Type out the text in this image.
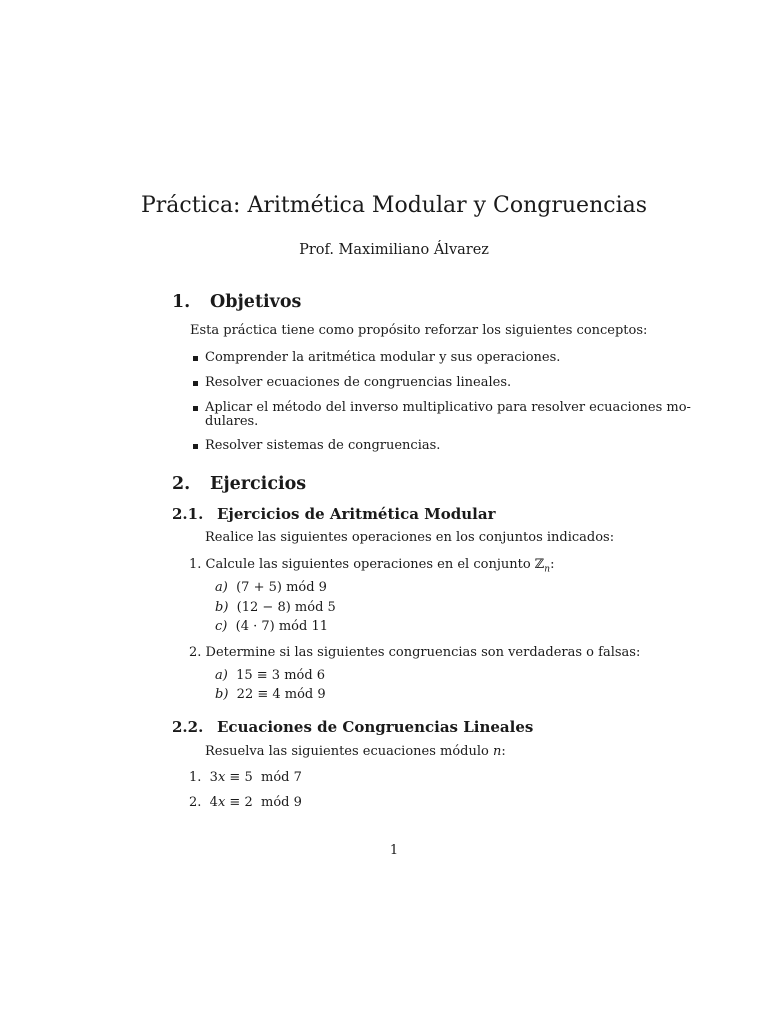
Práctica: Aritmética Modular y Congruencias
Prof. Maximiliano Álvarez
1. Objetivos
Esta práctica tiene como propósito reforzar los siguientes conceptos:
Comprender la aritmética modular y sus operaciones.
Resolver ecuaciones de congruencias lineales.
Aplicar el método del inverso multiplicativo para resolver ecuaciones mo-
dulares.
Resolver sistemas de congruencias.
2. Ejercicios
2.1. Ejercicios de Aritmética Modular
Realice las siguientes operaciones en los conjuntos indicados:
1. Calcule las siguientes operaciones en el conjunto ℤ$_n$:
a) (7 + 5) mód 9
b) (12 − 8) mód 5
c) (4 · 7) mód 11
2. Determine si las siguientes congruencias son verdaderas o falsas:
a) 15 ≡ 3 mód 6
b) 22 ≡ 4 mód 9
2.2. Ecuaciones de Congruencias Lineales
Resuelva las siguientes ecuaciones módulo n:
1. 3x ≡ 5  mód 7
2. 4x ≡ 2  mód 9
1
